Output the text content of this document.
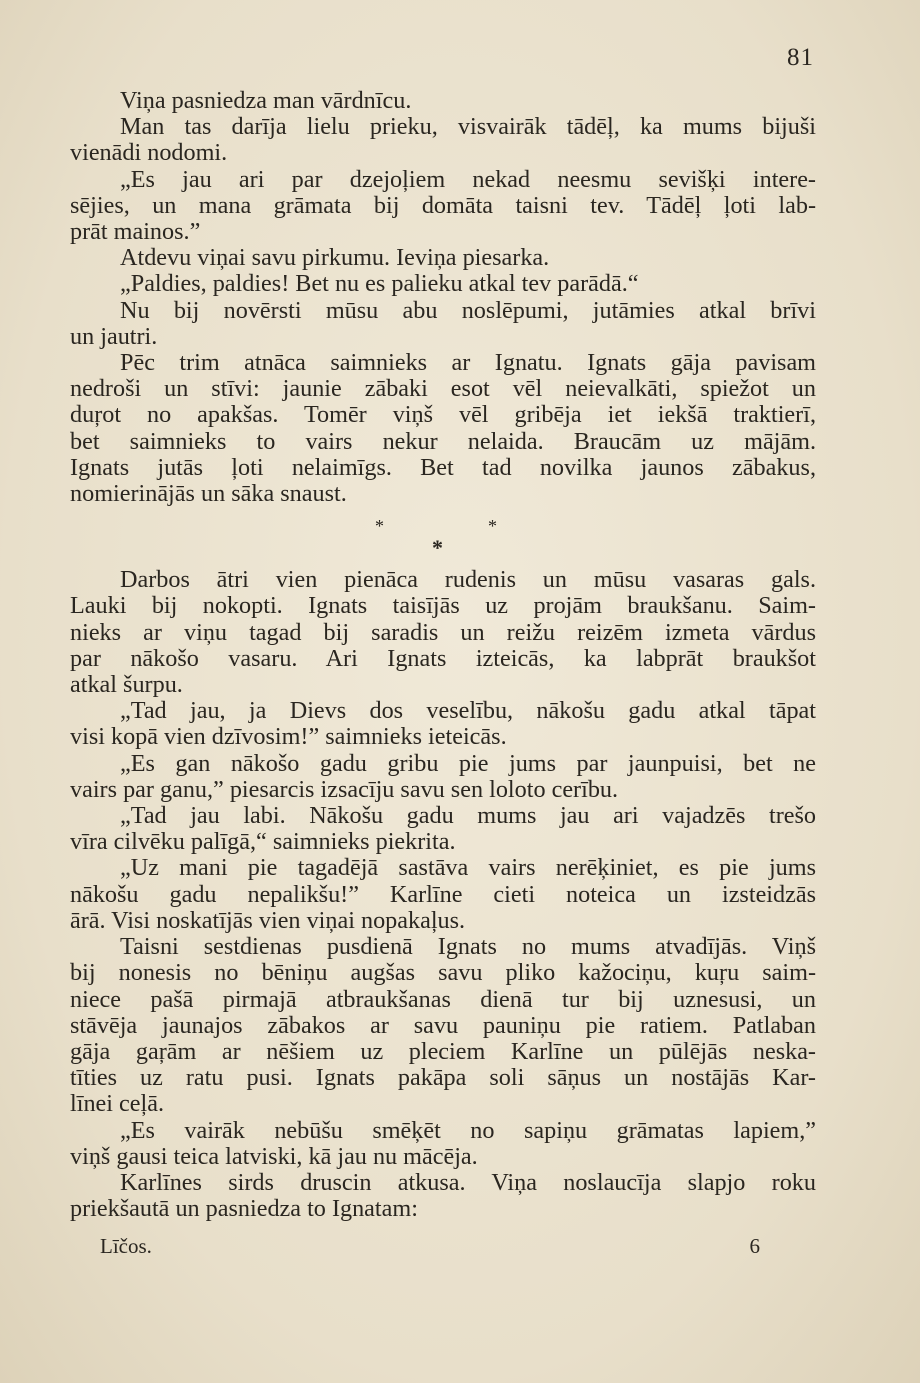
81
Viņa pasniedza man vārdnīcu.
Man tas darīja lielu prieku, visvairāk tādēļ, ka mums bijuši
vienādi nodomi.
„Es jau ari par dzejoļiem nekad neesmu sevišķi intere-
sējies, un mana grāmata bij domāta taisni tev. Tādēļ ļoti lab-
prāt mainos.”
Atdevu viņai savu pirkumu. Ieviņa piesarka.
„Paldies, paldies! Bet nu es palieku atkal tev parādā.“
Nu bij novērsti mūsu abu noslēpumi, jutāmies atkal brīvi
un jautri.
Pēc trim atnāca saimnieks ar Ignatu. Ignats gāja pavisam
nedroši un stīvi: jaunie zābaki esot vēl neievalkāti, spiežot un
duŗot no apakšas. Tomēr viņš vēl gribēja iet iekšā traktierī,
bet saimnieks to vairs nekur nelaida. Braucām uz mājām.
Ignats jutās ļoti nelaimīgs. Bet tad novilka jaunos zābakus,
nomierinājās un sāka snaust.
*	*
*
Darbos ātri vien pienāca rudenis un mūsu vasaras gals.
Lauki bij nokopti. Ignats taisījās uz projām braukšanu. Saim-
nieks ar viņu tagad bij saradis un reižu reizēm izmeta vārdus
par nākošo vasaru. Ari Ignats izteicās, ka labprāt braukšot
atkal šurpu.
„Tad jau, ja Dievs dos veselību, nākošu gadu atkal tāpat
visi kopā vien dzīvosim!” saimnieks ieteicās.
„Es gan nākošo gadu gribu pie jums par jaunpuisi, bet ne
vairs par ganu,” piesarcis izsacīju savu sen loloto cerību.
„Tad jau labi. Nākošu gadu mums jau ari vajadzēs trešo
vīra cilvēku palīgā,“ saimnieks piekrita.
„Uz mani pie tagadējā sastāva vairs nerēķiniet, es pie jums
nākošu gadu nepalikšu!” Karlīne cieti noteica un izsteidzās
ārā. Visi noskatījās vien viņai nopakaļus.
Taisni sestdienas pusdienā Ignats no mums atvadījās. Viņš
bij nonesis no bēniņu augšas savu pliko kažociņu, kuŗu saim-
niece pašā pirmajā atbraukšanas dienā tur bij uznesusi, un
stāvēja jaunajos zābakos ar savu pauniņu pie ratiem. Patlaban
gāja gaŗām ar nēšiem uz pleciem Karlīne un pūlējās neska-
tīties uz ratu pusi. Ignats pakāpa soli sāņus un nostājās Kar-
līnei ceļā.
„Es vairāk nebūšu smēķēt no sapiņu grāmatas lapiem,”
viņš gausi teica latviski, kā jau nu mācēja.
Karlīnes sirds druscin atkusa. Viņa noslaucīja slapjo roku
priekšautā un pasniedza to Ignatam:
Līčos.	6
